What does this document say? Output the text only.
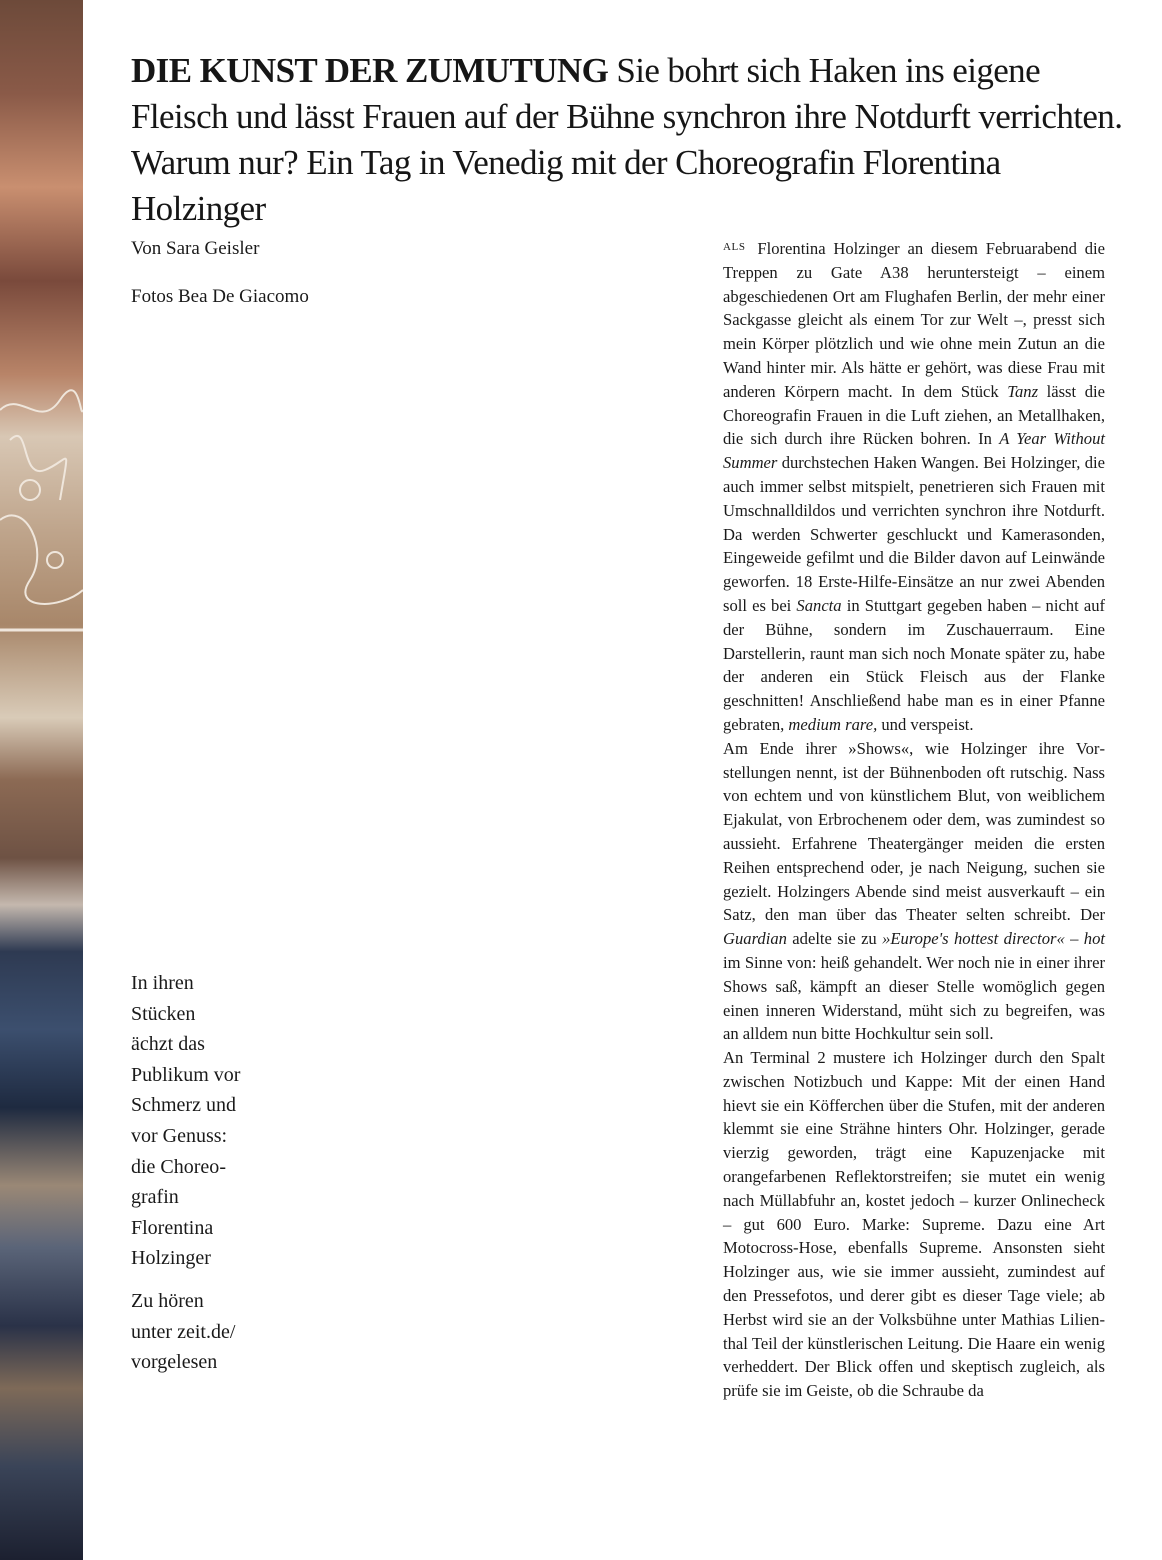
DIE KUNST DER ZUMUTUNG Sie bohrt sich Haken ins eigene Fleisch und lässt Frauen auf der Bühne synchron ihre Notdurft verrichten. Warum nur? Ein Tag in Venedig mit der Choreografin Florentina Holzinger

Von Sara Geisler

Fotos Bea De Giacomo

In ihren Stücken ächzt das Publikum vor Schmerz und vor Genuss: die Choreografin Florentina Holzinger

Zu hören unter zeit.de/ vorgelesen

$^{ALS}$ Florentina Holzinger an diesem Februarabend die Treppen zu Gate A38 heruntersteigt – einem abgeschiedenen Ort am Flughafen Berlin, der mehr einer Sackgasse gleicht als einem Tor zur Welt –, presst sich mein Körper plötzlich und wie ohne mein Zutun an die Wand hinter mir. Als hätte er gehört, was diese Frau mit anderen Körpern macht. In dem Stück Tanz lässt die Choreografin Frauen in die Luft ziehen, an Metallhaken, die sich durch ihre Rücken bohren. In A Year Without Summer durchstechen Haken Wangen. Bei Holzinger, die auch immer selbst mitspielt, penetrieren sich Frauen mit Umschnalldildos und verrichten synchron ihre Notdurft. Da werden Schwerter geschluckt und Kamerasonden, Eingeweide gefilmt und die Bilder davon auf Leinwände geworfen. 18 Erste-Hilfe-Einsätze an nur zwei Abenden soll es bei Sancta in Stuttgart gegeben haben – nicht auf der Bühne, sondern im Zuschauerraum. Eine Darstellerin, raunt man sich noch Monate später zu, habe der anderen ein Stück Fleisch aus der Flanke geschnitten! Anschließend habe man es in einer Pfanne gebraten, medium rare, und verspeist.

Am Ende ihrer »Shows«, wie Holzinger ihre Vorstellungen nennt, ist der Bühnenboden oft rutschig. Nass von echtem und von künstlichem Blut, von weiblichem Ejakulat, von Erbrochenem oder dem, was zumindest so aussieht. Erfahrene Theatergänger meiden die ersten Reihen entsprechend oder, je nach Neigung, suchen sie gezielt. Holzingers Abende sind meist ausverkauft – ein Satz, den man über das Theater selten schreibt. Der Guardian adelte sie zu »Europe's hottest director« – hot im Sinne von: heiß gehandelt. Wer noch nie in einer ihrer Shows saß, kämpft an dieser Stelle womöglich gegen einen inneren Widerstand, müht sich zu begreifen, was an alldem nun bitte Hochkultur sein soll.

An Terminal 2 mustere ich Holzinger durch den Spalt zwischen Notizbuch und Kappe: Mit der einen Hand hievt sie ein Köfferchen über die Stufen, mit der anderen klemmt sie eine Strähne hinters Ohr. Holzinger, gerade vierzig geworden, trägt eine Kapuzenjacke mit orangefarbenen Reflektorstreifen; sie mutet ein wenig nach Müllabfuhr an, kostet jedoch – kurzer Onlinecheck – gut 600 Euro. Marke: Supreme. Dazu eine Art Motocross-Hose, ebenfalls Supreme. Ansonsten sieht Holzinger aus, wie sie immer aussieht, zumindest auf den Pressefotos, und derer gibt es dieser Tage viele; ab Herbst wird sie an der Volksbühne unter Mathias Lilienthal Teil der künstlerischen Leitung. Die Haare ein wenig verheddert. Der Blick offen und skeptisch zugleich, als prüfe sie im Geiste, ob die Schraube da
